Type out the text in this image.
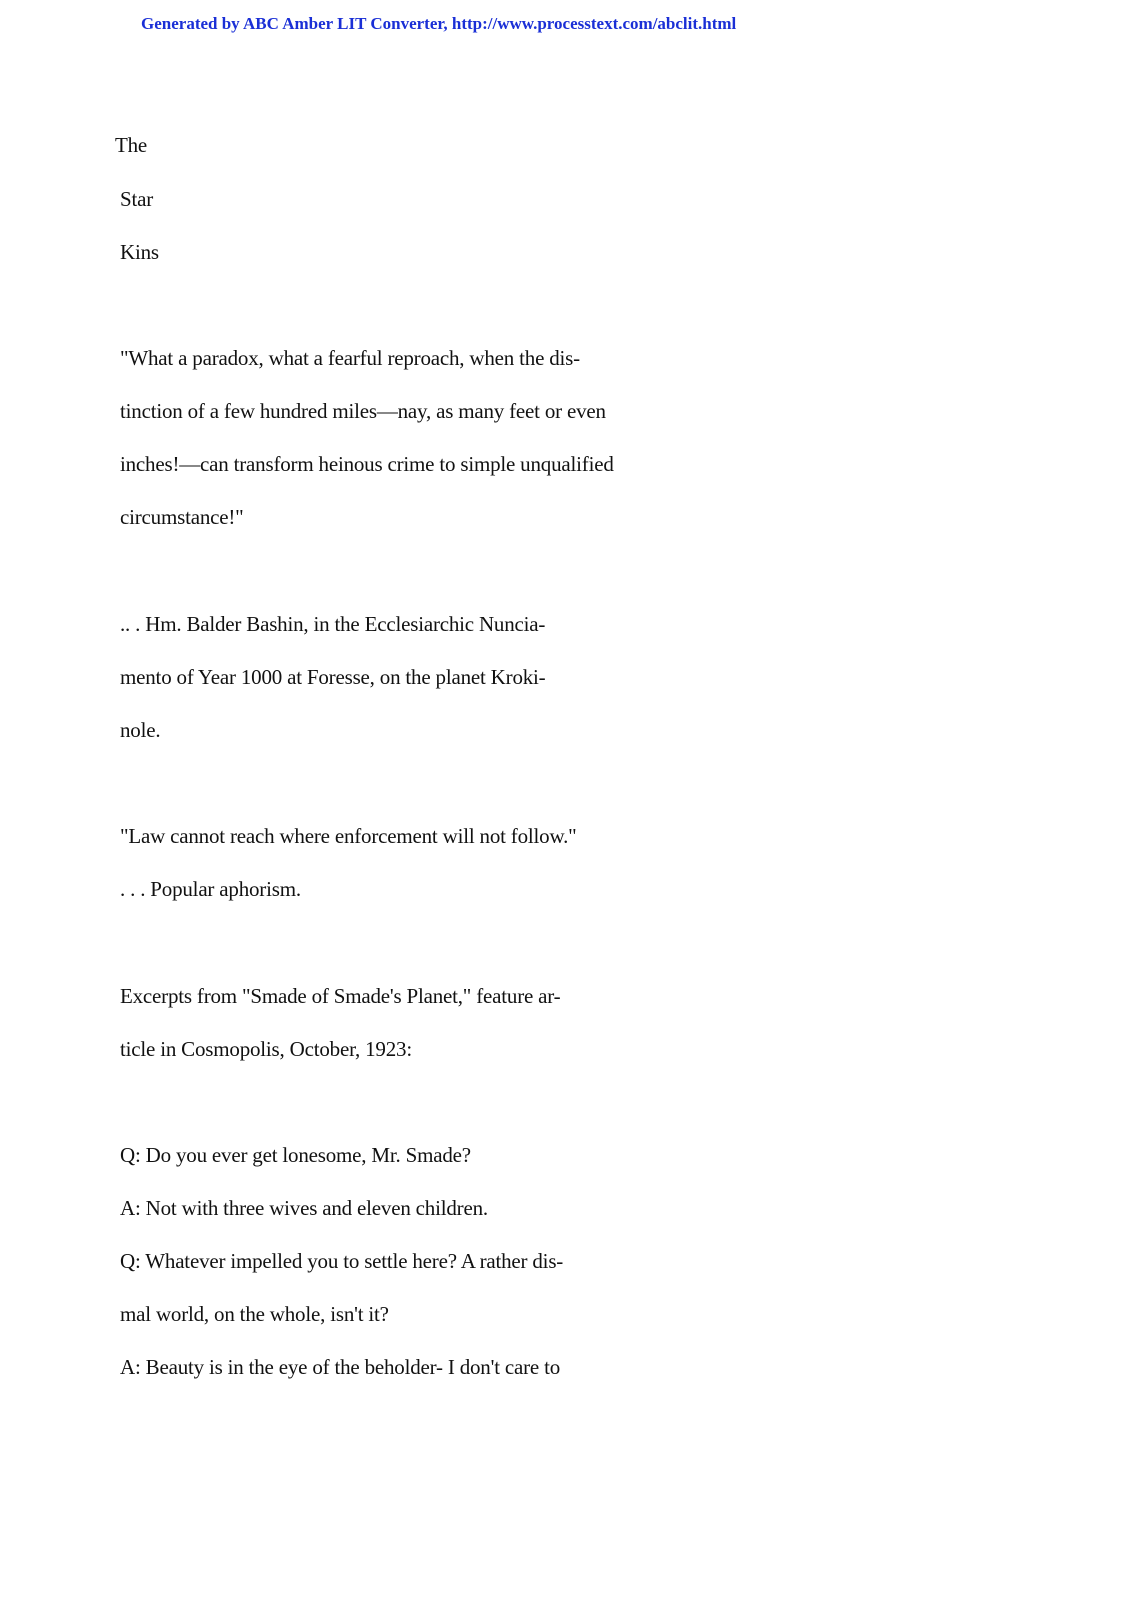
Generated by ABC Amber LIT Converter, http://www.processtext.com/abclit.html
The
Star
Kins
"What a paradox, what a fearful reproach, when the dis-
tinction of a few hundred miles—nay, as many feet or even
inches!—can transform heinous crime to simple unqualified
circumstance!"
.. . Hm. Balder Bashin, in the Ecclesiarchic Nuncia-
mento of Year 1000 at Foresse, on the planet Kroki-
nole.
"Law cannot reach where enforcement will not follow."
. . . Popular aphorism.
Excerpts from "Smade of Smade's Planet," feature ar-
ticle in Cosmopolis, October, 1923:
Q: Do you ever get lonesome, Mr. Smade?
A: Not with three wives and eleven children.
Q: Whatever impelled you to settle here? A rather dis-
mal world, on the whole, isn't it?
A: Beauty is in the eye of the beholder- I don't care to
